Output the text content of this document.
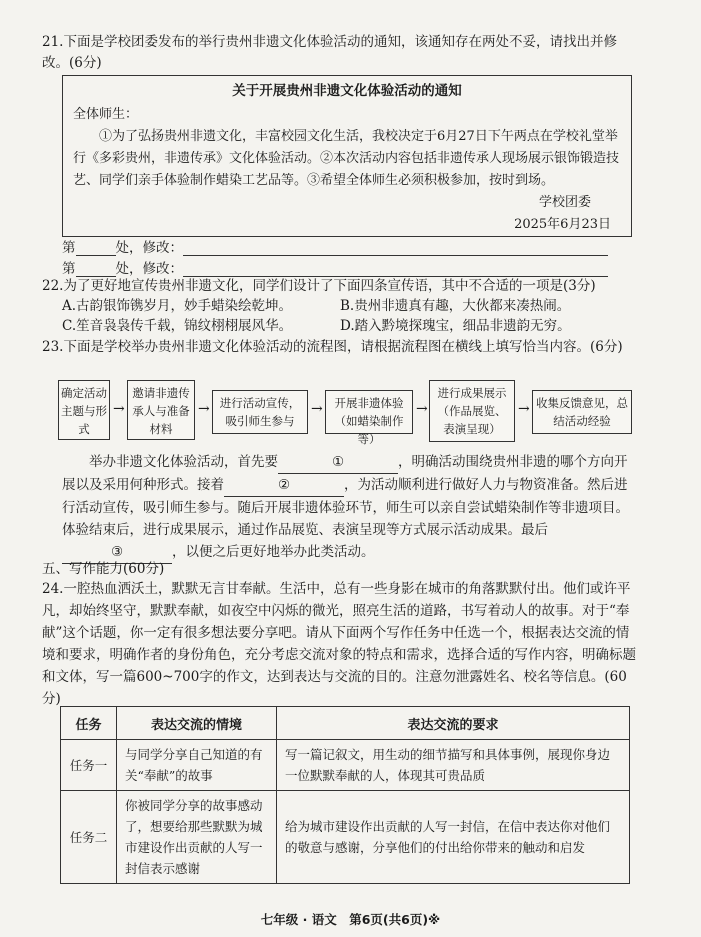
21.下面是学校团委发布的举行贵州非遗文化体验活动的通知，该通知存在两处不妥，请找出并修改。(6分)
关于开展贵州非遗文化体验活动的通知
全体师生：
①为了弘扬贵州非遗文化，丰富校园文化生活，我校决定于6月27日下午两点在学校礼堂举行《多彩贵州，非遗传承》文化体验活动。②本次活动内容包括非遗传承人现场展示银饰锻造技艺、同学们亲手体验制作蜡染工艺品等。③希望全体师生必须积极参加，按时到场。
学校团委
2025年6月23日
第	处，修改：
第	处，修改：
22.为了更好地宣传贵州非遗文化，同学们设计了下面四条宣传语，其中不合适的一项是(3分)
A.古韵银饰镌岁月，妙手蜡染绘乾坤。	B.贵州非遗真有趣，大伙都来凑热闹。
C.笙音袅袅传千载，锦纹栩栩展风华。	D.踏入黔境探瑰宝，细品非遗韵无穷。
23.下面是学校举办贵州非遗文化体验活动的流程图，请根据流程图在横线上填写恰当内容。(6分)
确定活动主题与形式
→
邀请非遗传承人与准备材料
→ 进行活动宣传，吸引师生参与
→	开展非遗体验（如蜡染制作等）
→
进行成果展示（作品展览、表演呈现）
→ 收集反馈意见，总结活动经验
举办非遗文化体验活动，首先要	①	，明确活动围绕贵州非遗的哪个方向开展以及采用何种形式。接着	②	，为活动顺利进行做好人力与物资准备。然后进行活动宣传，吸引师生参与。随后开展非遗体验环节，师生可以亲自尝试蜡染制作等非遗项目。体验结束后，进行成果展示，通过作品展览、表演呈现等方式展示活动成果。最后③	，以便之后更好地举办此类活动。
五、写作能力(60分)
24.一腔热血洒沃土，默默无言甘奉献。生活中，总有一些身影在城市的角落默默付出。他们或许平凡，却始终坚守，默默奉献，如夜空中闪烁的微光，照亮生活的道路，书写着动人的故事。对于“奉献”这个话题，你一定有很多想法要分享吧。请从下面两个写作任务中任选一个，根据表达交流的情境和要求，明确作者的身份角色，充分考虑交流对象的特点和需求，选择合适的写作内容，明确标题和文体，写一篇600~700字的作文，达到表达与交流的目的。注意勿泄露姓名、校名等信息。(60分)
任务	表达交流的情境	表达交流的要求
任务一	与同学分享自己知道的有关“奉献”的故事	写一篇记叙文，用生动的细节描写和具体事例，展现你身边一位默默奉献的人，体现其可贵品质
任务二	你被同学分享的故事感动了，想要给那些默默为城市建设作出贡献的人写一封信表示感谢	给为城市建设作出贡献的人写一封信，在信中表达你对他们的敬意与感谢，分享他们的付出给你带来的触动和启发
七年级 · 语文　第6页(共6页)※
